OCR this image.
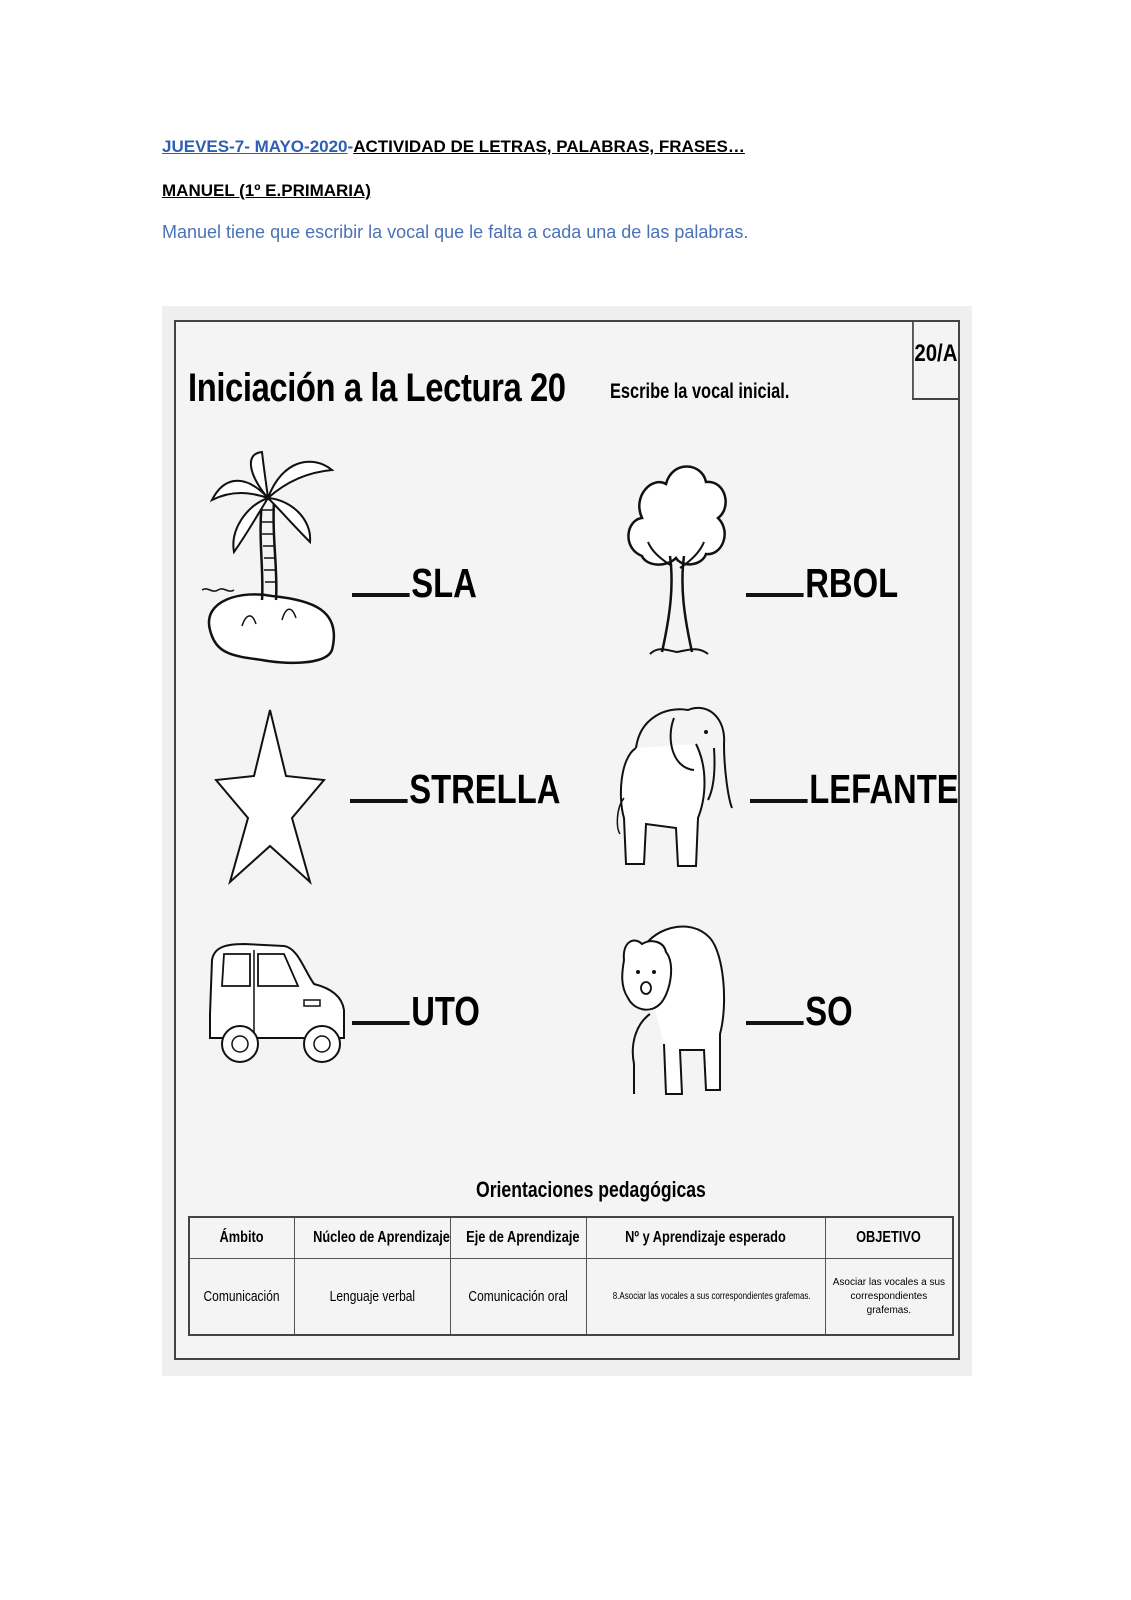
JUEVES-7- MAYO-2020-ACTIVIDAD DE LETRAS, PALABRAS, FRASES…
MANUEL (1º E.PRIMARIA)
Manuel tiene que escribir la vocal que le falta a cada una de las palabras.
20/A
Iniciación a la Lectura 20 Escribe la vocal inicial.
SLA	RBOL
STRELLA	LEFANTE
UTO	SO
Orientaciones pedagógicas
Ámbito	Núcleo de Aprendizaje	Eje de Aprendizaje	Nº y Aprendizaje esperado	OBJETIVO
Comunicación	Lenguaje verbal	Comunicación oral	8.Asociar las vocales a sus correspondientes grafemas.	Asociar las vocales a sus correspondientes grafemas.
